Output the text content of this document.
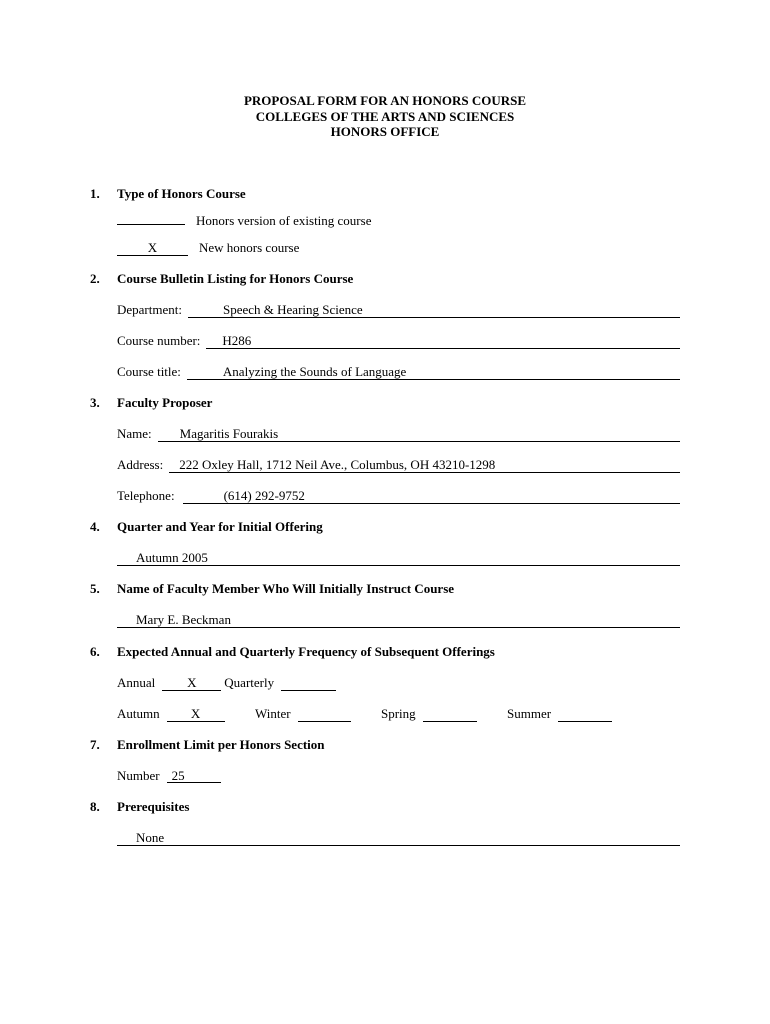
PROPOSAL FORM FOR AN HONORS COURSE
COLLEGES OF THE ARTS AND SCIENCES
HONORS OFFICE
1. Type of Honors Course
Honors version of existing course
X	New honors course
2. Course Bulletin Listing for Honors Course
Department:	Speech & Hearing Science
Course number:	H286
Course title:	Analyzing the Sounds of Language
3. Faculty Proposer
Name:	Magaritis Fourakis
Address:	222 Oxley Hall, 1712 Neil Ave., Columbus, OH 43210-1298
Telephone:	(614) 292-9752
4. Quarter and Year for Initial Offering
Autumn 2005
5. Name of Faculty Member Who Will Initially Instruct Course
Mary E. Beckman
6. Expected Annual and Quarterly Frequency of Subsequent Offerings
Annual	X	Quarterly
Autumn	X	Winter	Spring	Summer
7. Enrollment Limit per Honors Section
Number 25
8. Prerequisites
None
